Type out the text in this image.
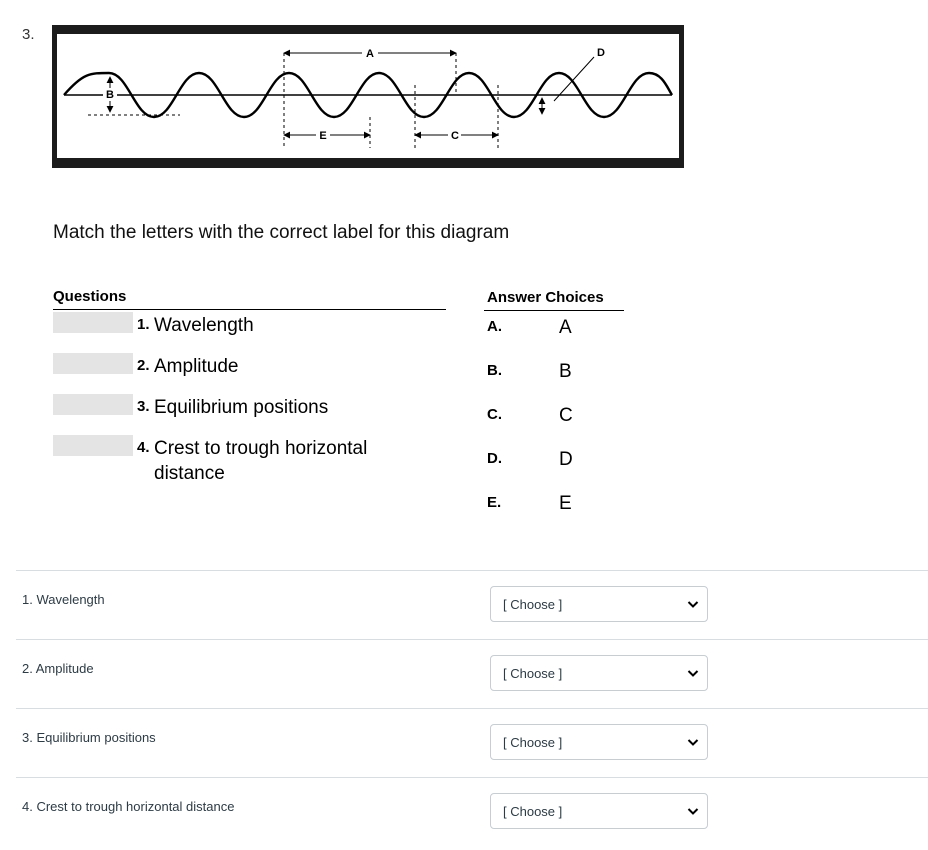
3.
B
A
E	C
D
Match the letters with the correct label for this diagram
Questions
1. Wavelength
2. Amplitude
3. Equilibrium positions
4. Crest to trough horizontal distance
Answer Choices
A.	A
B.	B
C.	C
D.	D
E.	E
1. Wavelength	[ Choose ]
2. Amplitude	[ Choose ]
3. Equilibrium positions	[ Choose ]
4. Crest to trough horizontal distance	[ Choose ]
